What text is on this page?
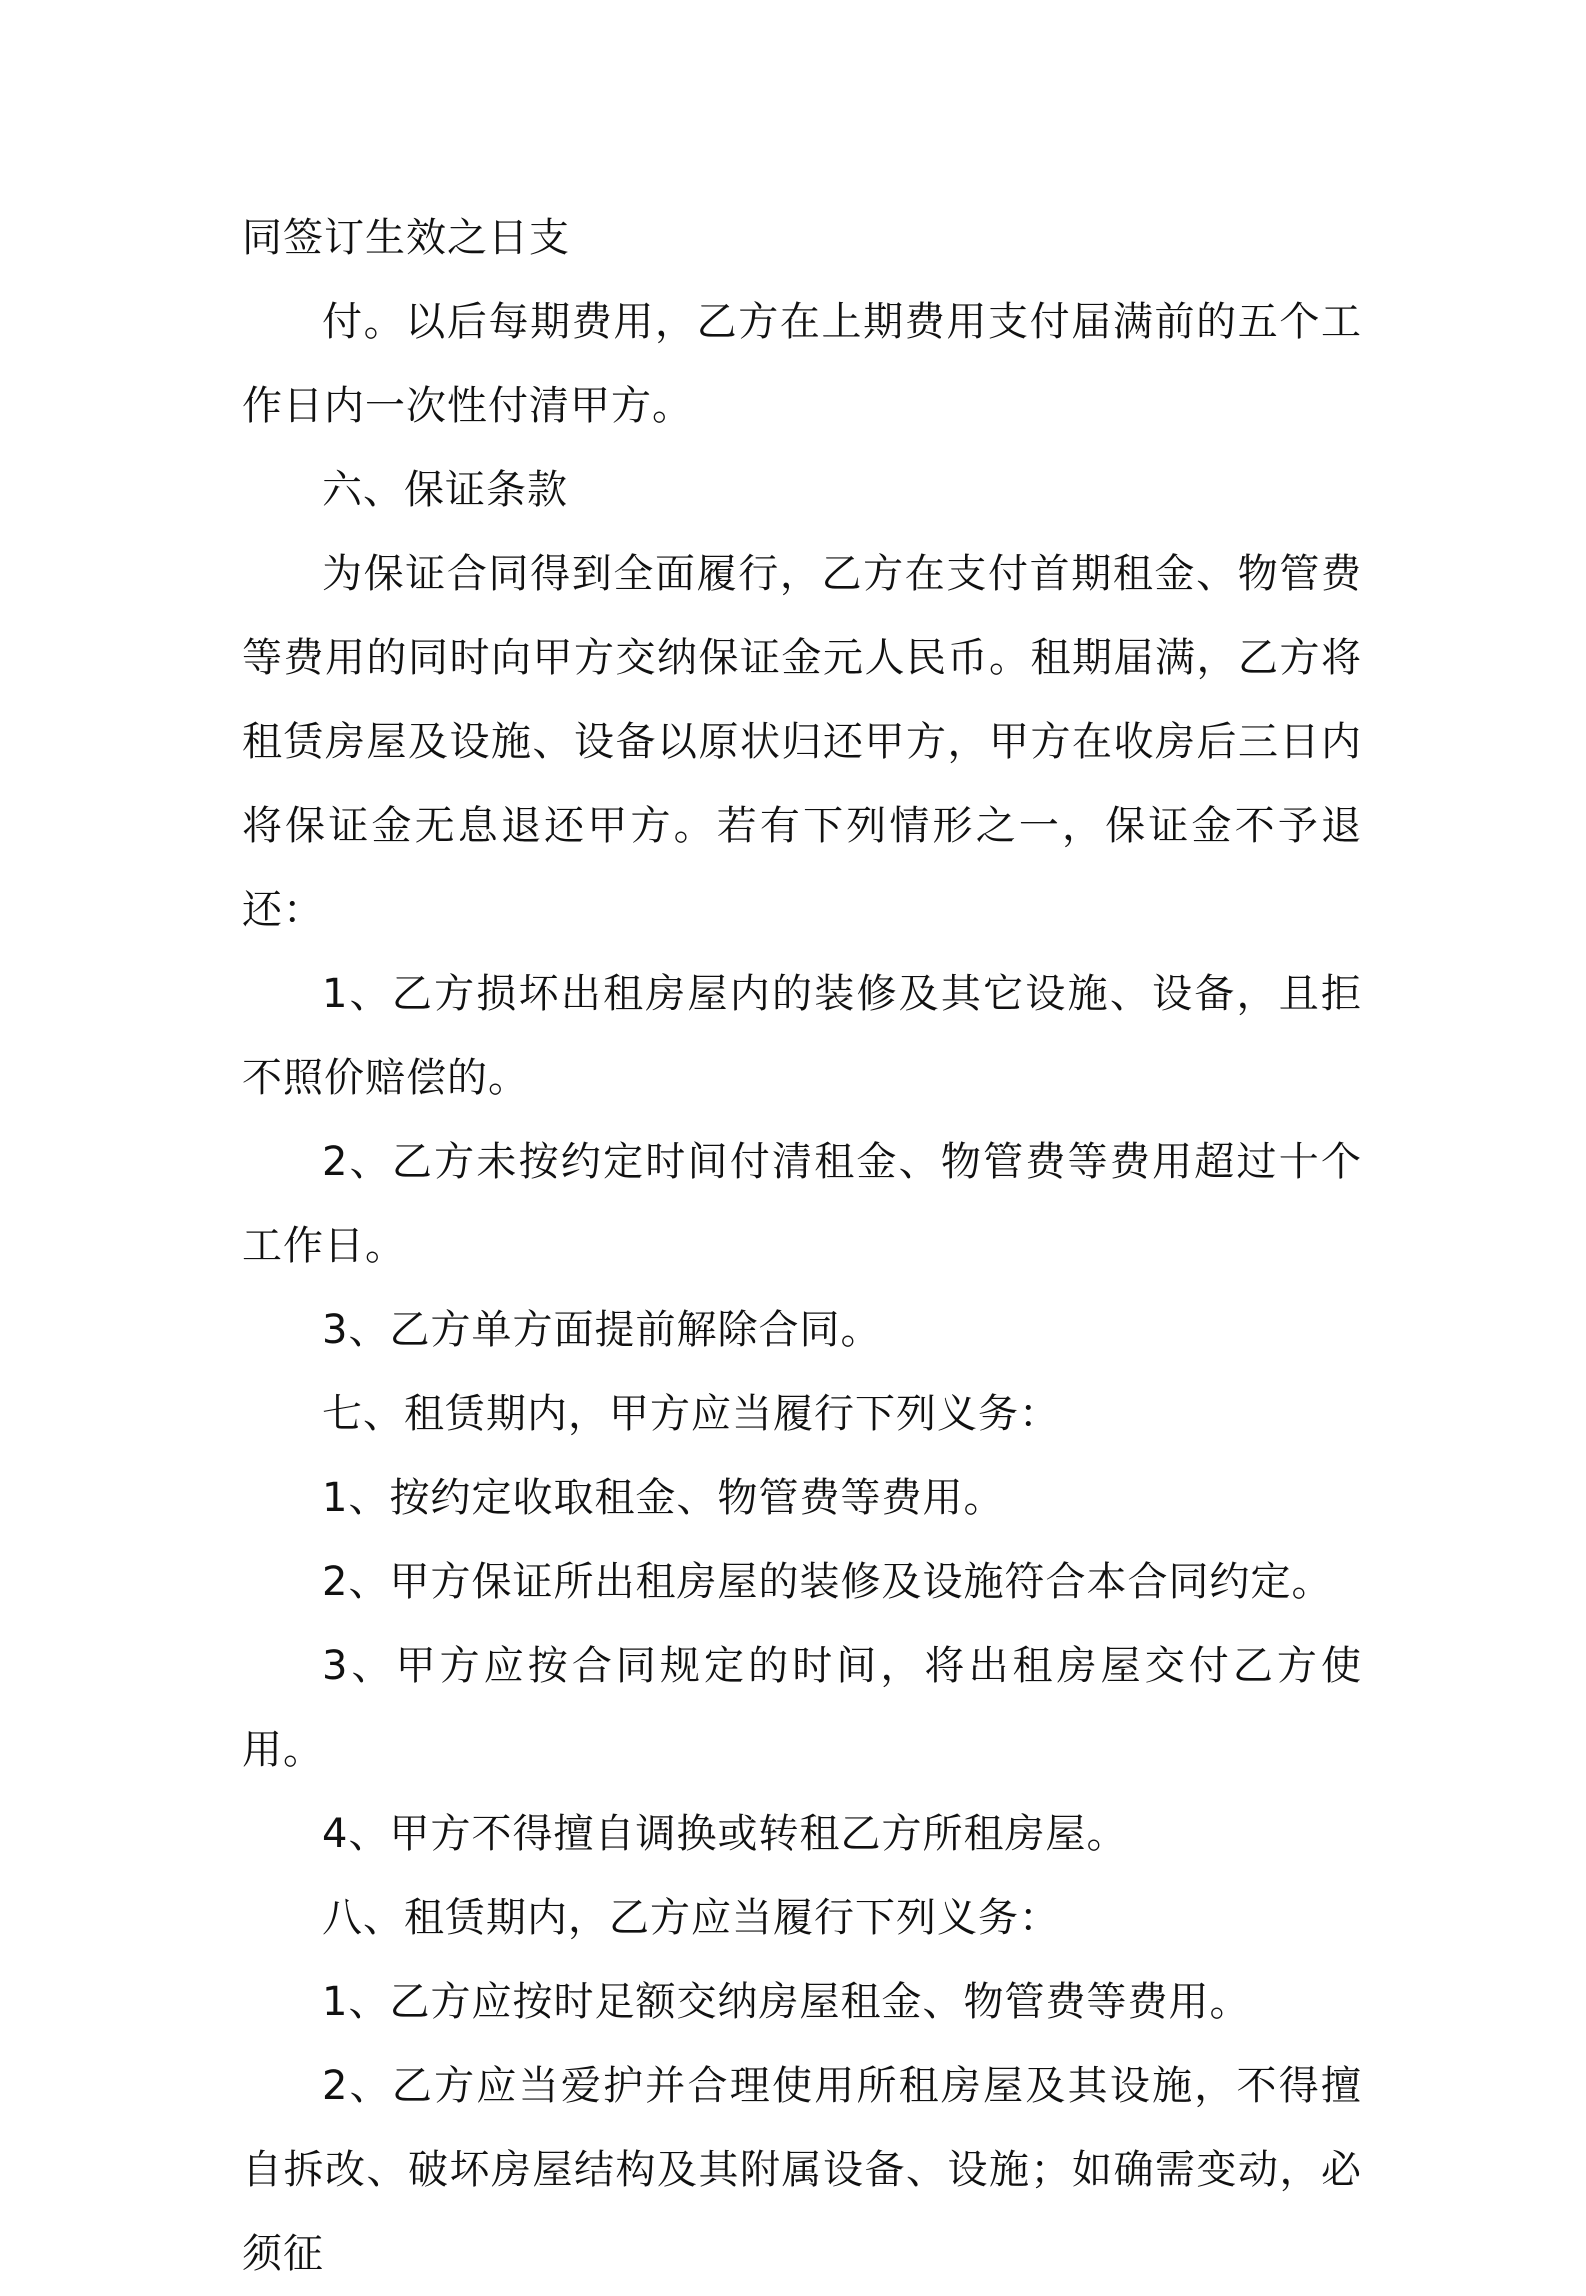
同签订生效之日支

付。以后每期费用，乙方在上期费用支付届满前的五个工作日内一次性付清甲方。

六、保证条款

为保证合同得到全面履行，乙方在支付首期租金、物管费等费用的同时向甲方交纳保证金元人民币。租期届满，乙方将租赁房屋及设施、设备以原状归还甲方，甲方在收房后三日内将保证金无息退还甲方。若有下列情形之一，保证金不予退还：

1、乙方损坏出租房屋内的装修及其它设施、设备，且拒不照价赔偿的。

2、乙方未按约定时间付清租金、物管费等费用超过十个工作日。

3、乙方单方面提前解除合同。

七、租赁期内，甲方应当履行下列义务：

1、按约定收取租金、物管费等费用。

2、甲方保证所出租房屋的装修及设施符合本合同约定。

3、甲方应按合同规定的时间，将出租房屋交付乙方使用。

4、甲方不得擅自调换或转租乙方所租房屋。

八、租赁期内，乙方应当履行下列义务：

1、乙方应按时足额交纳房屋租金、物管费等费用。

2、乙方应当爱护并合理使用所租房屋及其设施，不得擅自拆改、破坏房屋结构及其附属设备、设施；如确需变动，必须征
